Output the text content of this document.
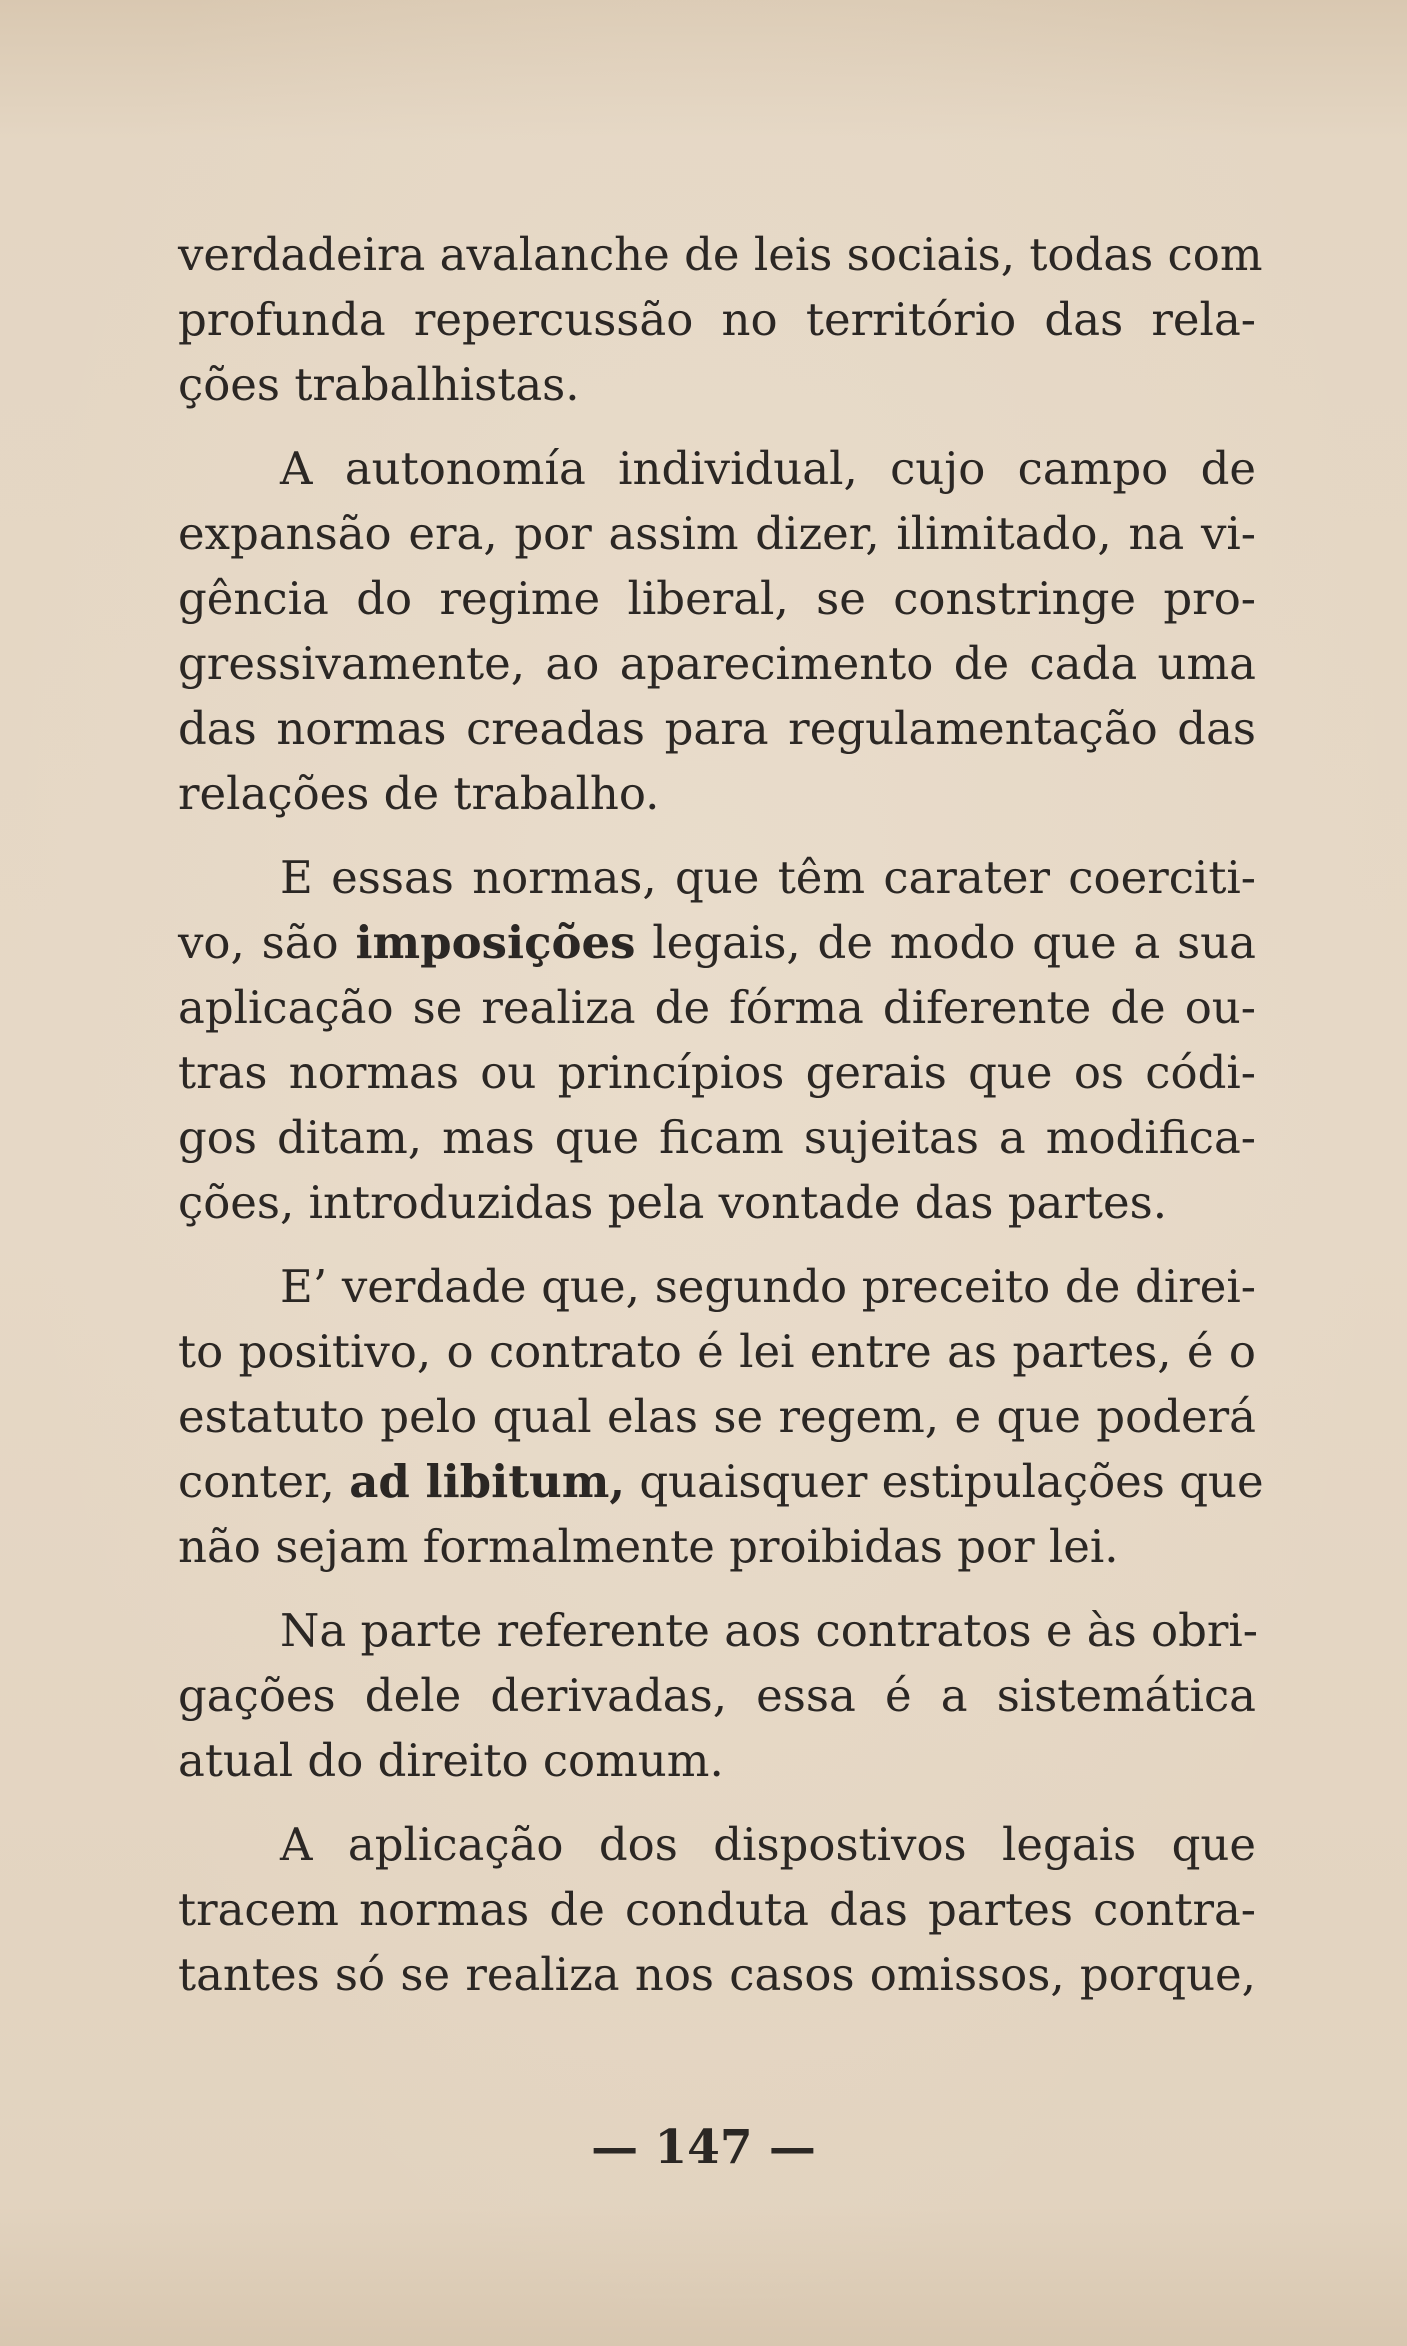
verdadeira avalanche de leis sociais, todas com
profunda repercussão no território das rela-
ções trabalhistas.
A autonomía individual, cujo campo de
expansão era, por assim dizer, ilimitado, na vi-
gência do regime liberal, se constringe pro-
gressivamente, ao aparecimento de cada uma
das normas creadas para regulamentação das
relações de trabalho.
E essas normas, que têm carater coerciti-
vo, são imposições legais, de modo que a sua
aplicação se realiza de fórma diferente de ou-
tras normas ou princípios gerais que os códi-
gos ditam, mas que ficam sujeitas a modifica-
ções, introduzidas pela vontade das partes.
E’ verdade que, segundo preceito de direi-
to positivo, o contrato é lei entre as partes, é o
estatuto pelo qual elas se regem, e que poderá
conter, ad libitum, quaisquer estipulações que
não sejam formalmente proibidas por lei.
Na parte referente aos contratos e às obri-
gações dele derivadas, essa é a sistemática
atual do direito comum.
A aplicação dos dispostivos legais que
tracem normas de conduta das partes contra-
tantes só se realiza nos casos omissos, porque,
— 147 —
